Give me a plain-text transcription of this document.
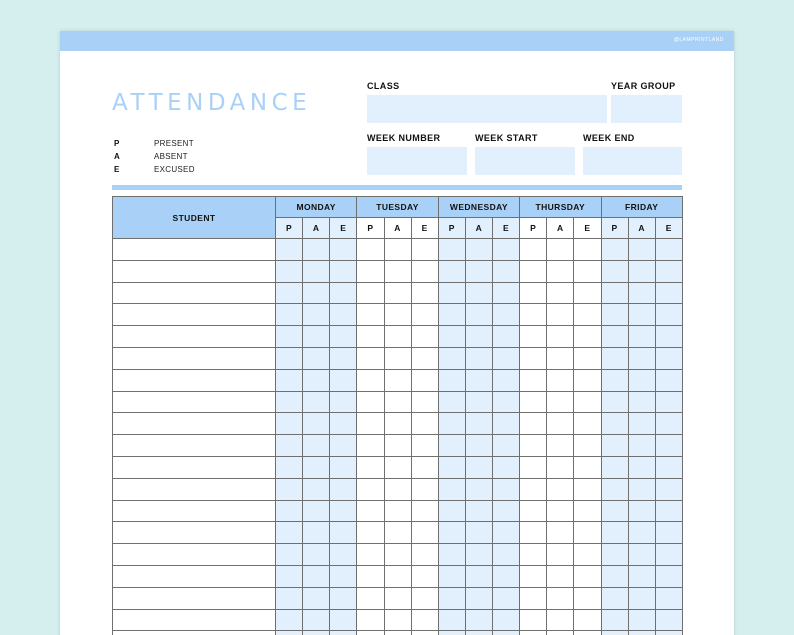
@LAMPRINTLAND
ATTENDANCE
P	PRESENT
A	ABSENT
E	EXCUSED
CLASS	YEAR GROUP
WEEK NUMBER	WEEK START	WEEK END
STUDENT	MONDAY			TUESDAY			WEDNESDAY			THURSDAY			FRIDAY		
	P	A	E	P	A	E	P	A	E	P	A	E	P	A	E
